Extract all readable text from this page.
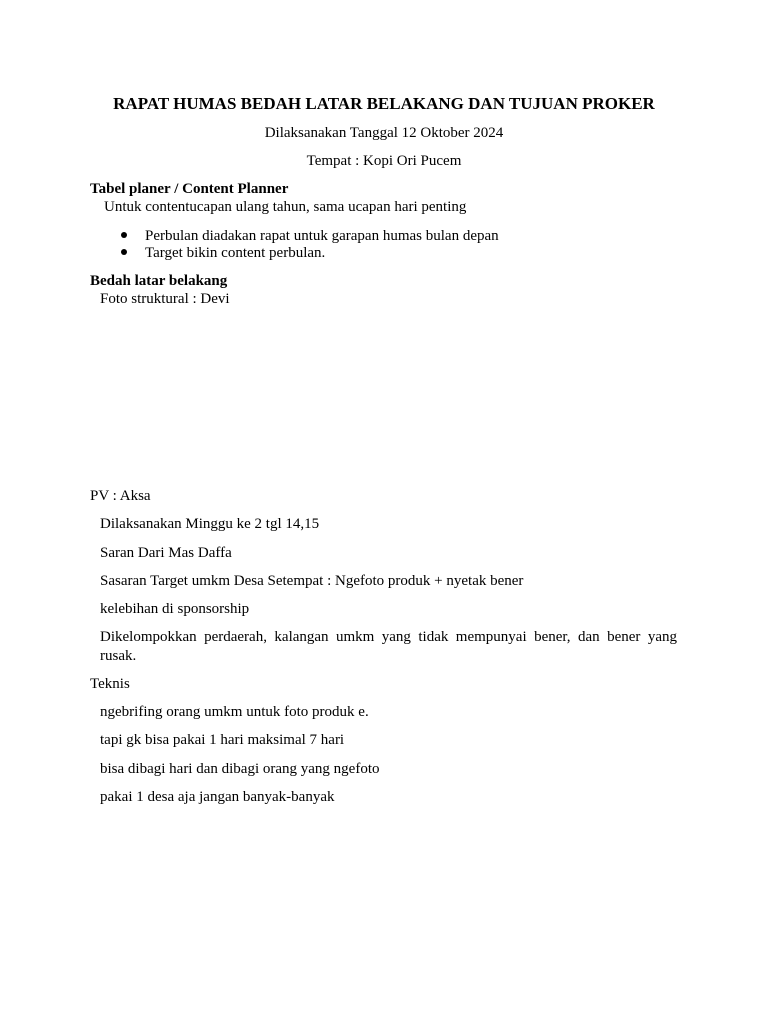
RAPAT HUMAS BEDAH LATAR BELAKANG DAN TUJUAN PROKER
Dilaksanakan Tanggal 12 Oktober 2024
Tempat : Kopi Ori Pucem
Tabel planer / Content Planner
Untuk contentucapan ulang tahun, sama ucapan hari penting
Perbulan diadakan rapat untuk garapan humas bulan depan
Target bikin content perbulan.
Bedah latar belakang
Foto struktural : Devi
PV : Aksa
Dilaksanakan Minggu ke 2 tgl 14,15
Saran Dari Mas Daffa
Sasaran Target umkm Desa Setempat : Ngefoto produk + nyetak bener
kelebihan di sponsorship
Dikelompokkan perdaerah, kalangan umkm yang tidak mempunyai bener, dan bener yang rusak.
Teknis
ngebrifing orang umkm untuk foto produk e.
tapi gk bisa pakai 1 hari maksimal 7 hari
bisa dibagi hari dan dibagi orang yang ngefoto
pakai 1 desa aja jangan banyak-banyak
